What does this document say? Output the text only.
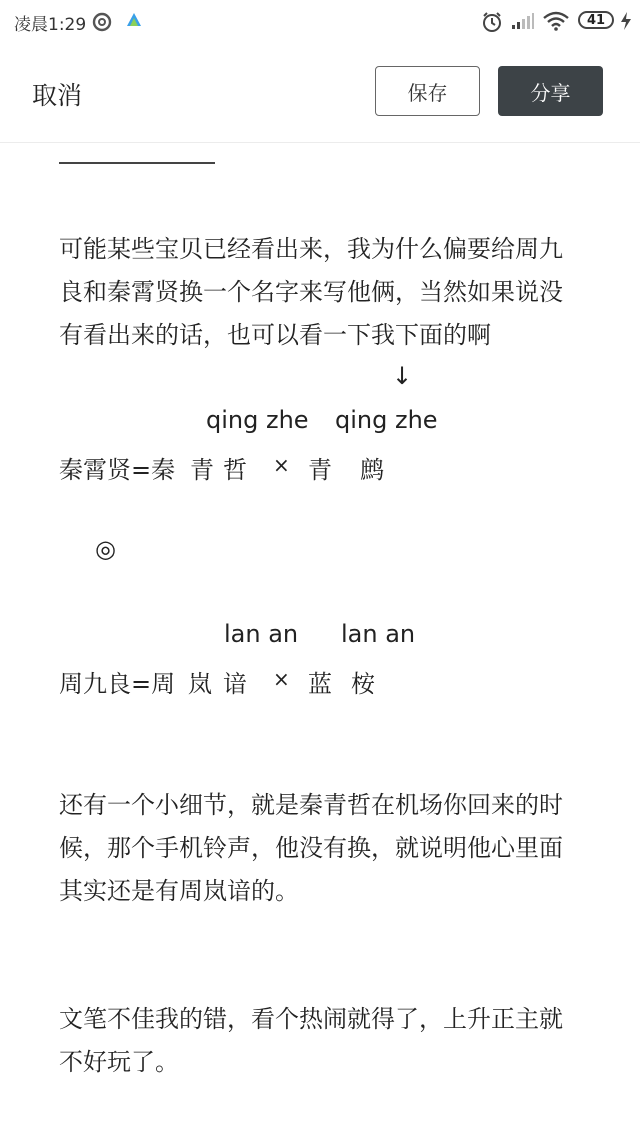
凌晨1:29	41
取消	保存	分享
可能某些宝贝已经看出来，我为什么偏要给周九良和秦霄贤换一个名字来写他俩，当然如果说没有看出来的话，也可以看一下我下面的啊
↓
qing zhe qing zhe
秦霄贤=秦 青 哲 × 青 鹧
◎
lan an lan an
周九良=周 岚 谙 × 蓝 桉
还有一个小细节，就是秦青哲在机场你回来的时候，那个手机铃声，他没有换，就说明他心里面其实还是有周岚谙的。
文笔不佳我的错，看个热闹就得了，上升正主就不好玩了。
